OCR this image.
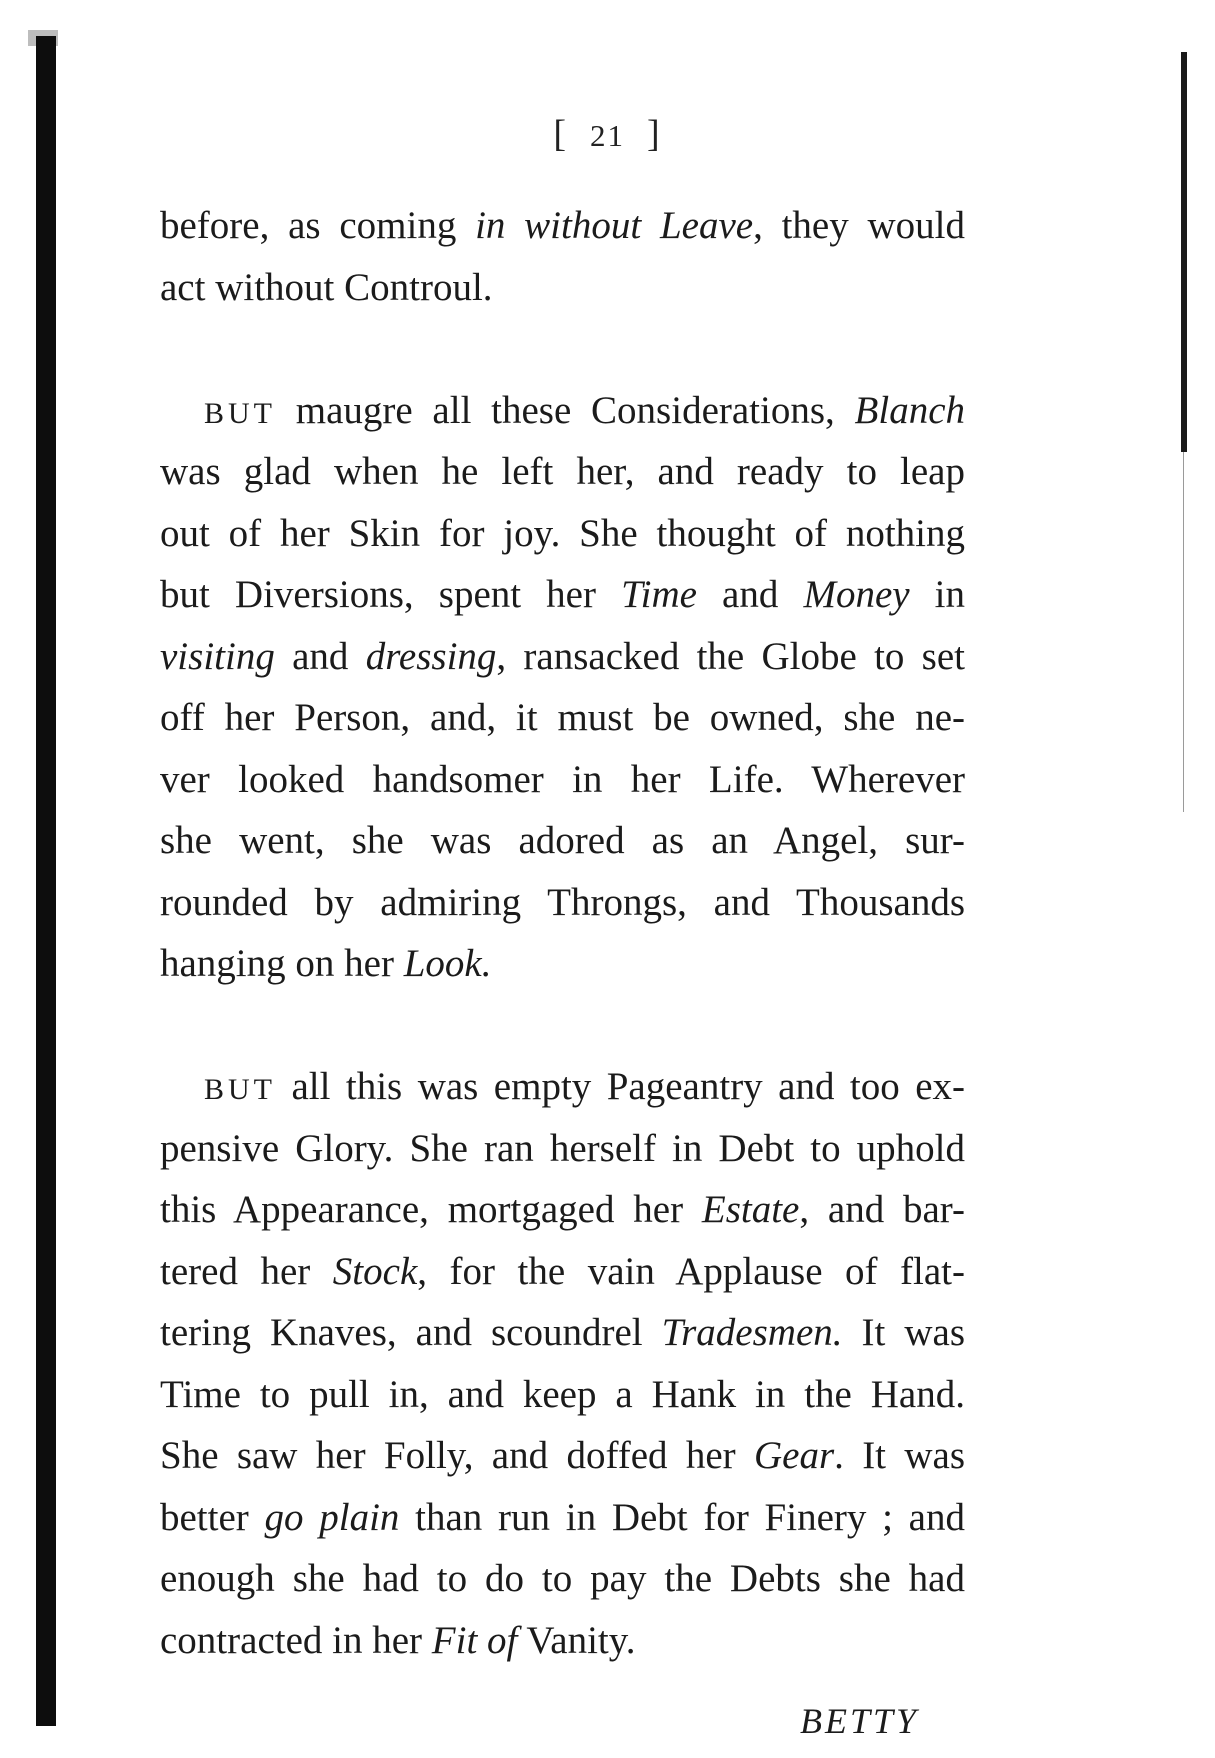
[ 21 ]
before, as coming in without Leave, they would
act without Controul.
BUT maugre all these Considerations, Blanch
was glad when he left her, and ready to leap
out of her Skin for joy. She thought of nothing
but Diversions, spent her Time and Money in
visiting and dressing, ransacked the Globe to set
off her Person, and, it must be owned, she ne-
ver looked handsomer in her Life. Wherever
she went, she was adored as an Angel, sur-
rounded by admiring Throngs, and Thousands
hanging on her Look.
BUT all this was empty Pageantry and too ex-
pensive Glory. She ran herself in Debt to uphold
this Appearance, mortgaged her Estate, and bar-
tered her Stock, for the vain Applause of flat-
tering Knaves, and scoundrel Tradesmen. It was
Time to pull in, and keep a Hank in the Hand.
She saw her Folly, and doffed her Gear. It was
better go plain than run in Debt for Finery ; and
enough she had to do to pay the Debts she had
contracted in her Fit of Vanity.
BETTY
